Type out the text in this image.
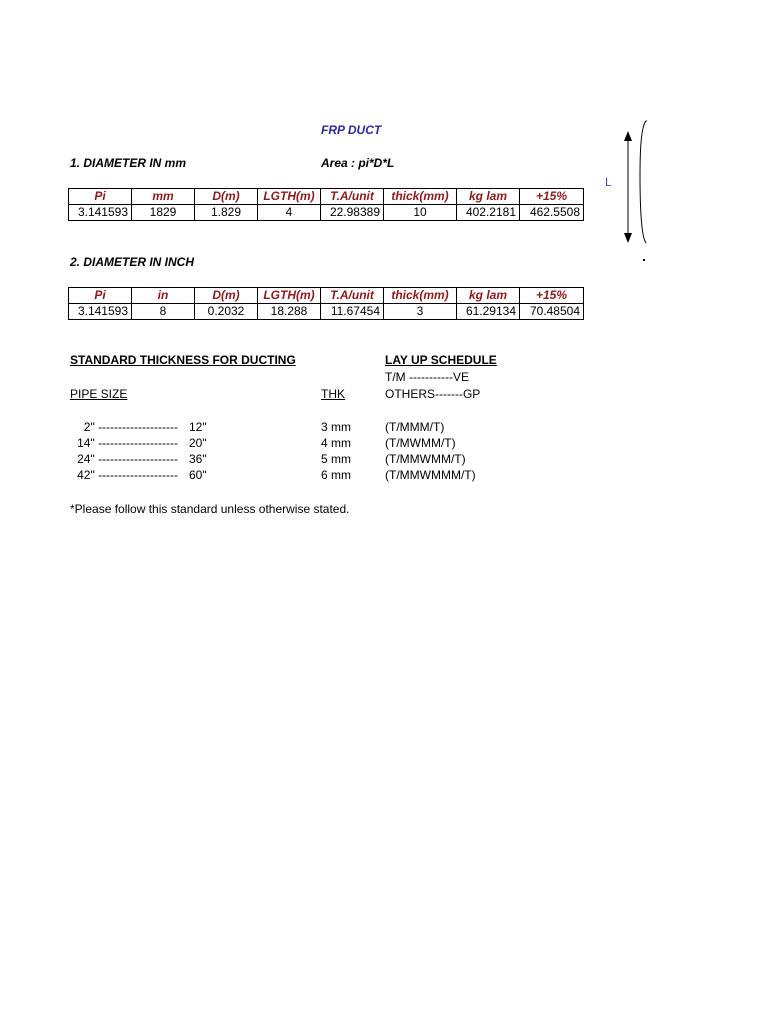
FRP DUCT
1. DIAMETER IN mm	Area : pi*D*L
Pi	mm	D(m)	LGTH(m)	T.A/unit	thick(mm)	kg lam	+15%
3.141593	1829	1.829	4	22.98389	10	402.2181	462.5508
2. DIAMETER IN INCH
Pi	in	D(m)	LGTH(m)	T.A/unit	thick(mm)	kg lam	+15%
3.141593	8	0.2032	18.288	11.67454	3	61.29134	70.48504
STANDARD THICKNESS FOR DUCTING	LAY UP SCHEDULE
T/M -----------VE
PIPE SIZE	THK	OTHERS-------GP
2" -------------------- 12"	3 mm	(T/MMM/T)
14" -------------------- 20"	4 mm	(T/MWMM/T)
24" -------------------- 36"	5 mm	(T/MMWMM/T)
42" -------------------- 60"	6 mm	(T/MMWMMM/T)
*Please follow this standard unless otherwise stated.
L
